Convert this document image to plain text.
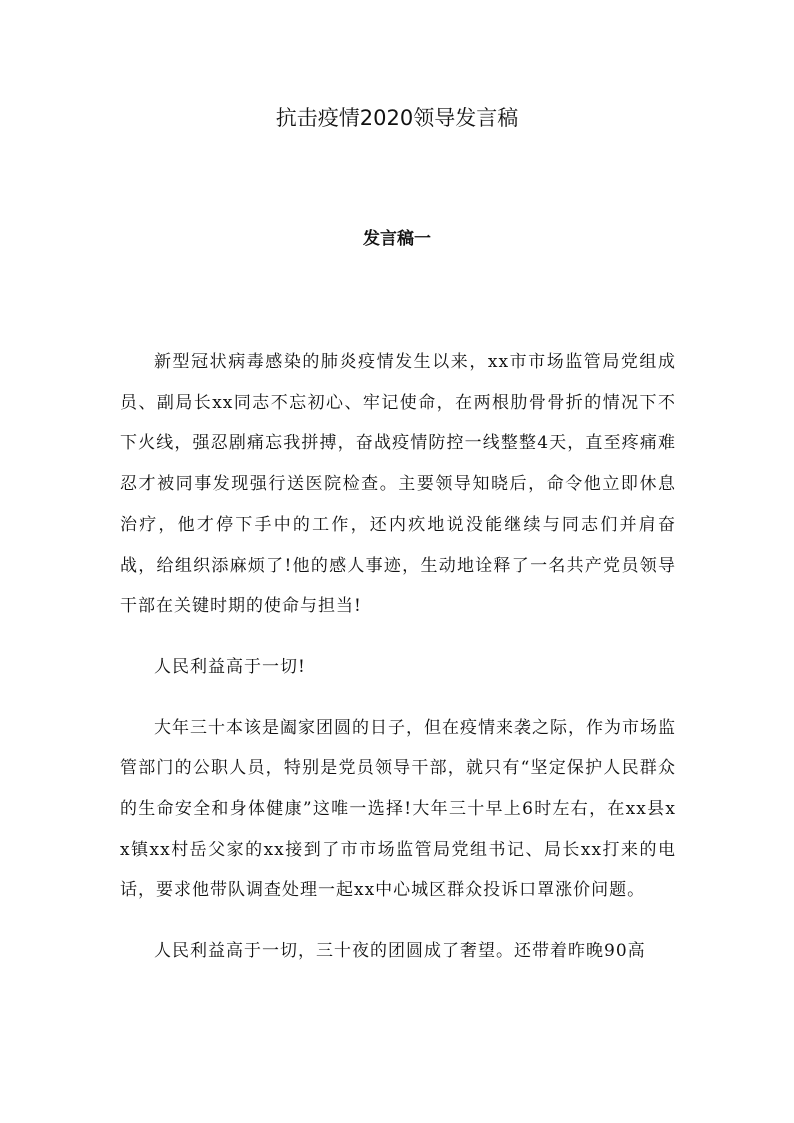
抗击疫情2020领导发言稿
发言稿一

新型冠状病毒感染的肺炎疫情发生以来，xx市市场监管局党组成员、副局长xx同志不忘初心、牢记使命，在两根肋骨骨折的情况下不下火线，强忍剧痛忘我拼搏，奋战疫情防控一线整整4天，直至疼痛难忍才被同事发现强行送医院检查。主要领导知晓后，命令他立即休息治疗，他才停下手中的工作，还内疚地说没能继续与同志们并肩奋战，给组织添麻烦了!他的感人事迹，生动地诠释了一名共产党员领导干部在关键时期的使命与担当!

人民利益高于一切!

大年三十本该是阖家团圆的日子，但在疫情来袭之际，作为市场监管部门的公职人员，特别是党员领导干部，就只有“坚定保护人民群众的生命安全和身体健康”这唯一选择!大年三十早上6时左右，在xx县xx镇xx村岳父家的xx接到了市市场监管局党组书记、局长xx打来的电话，要求他带队调查处理一起xx中心城区群众投诉口罩涨价问题。

人民利益高于一切，三十夜的团圆成了奢望。还带着昨晚90高
